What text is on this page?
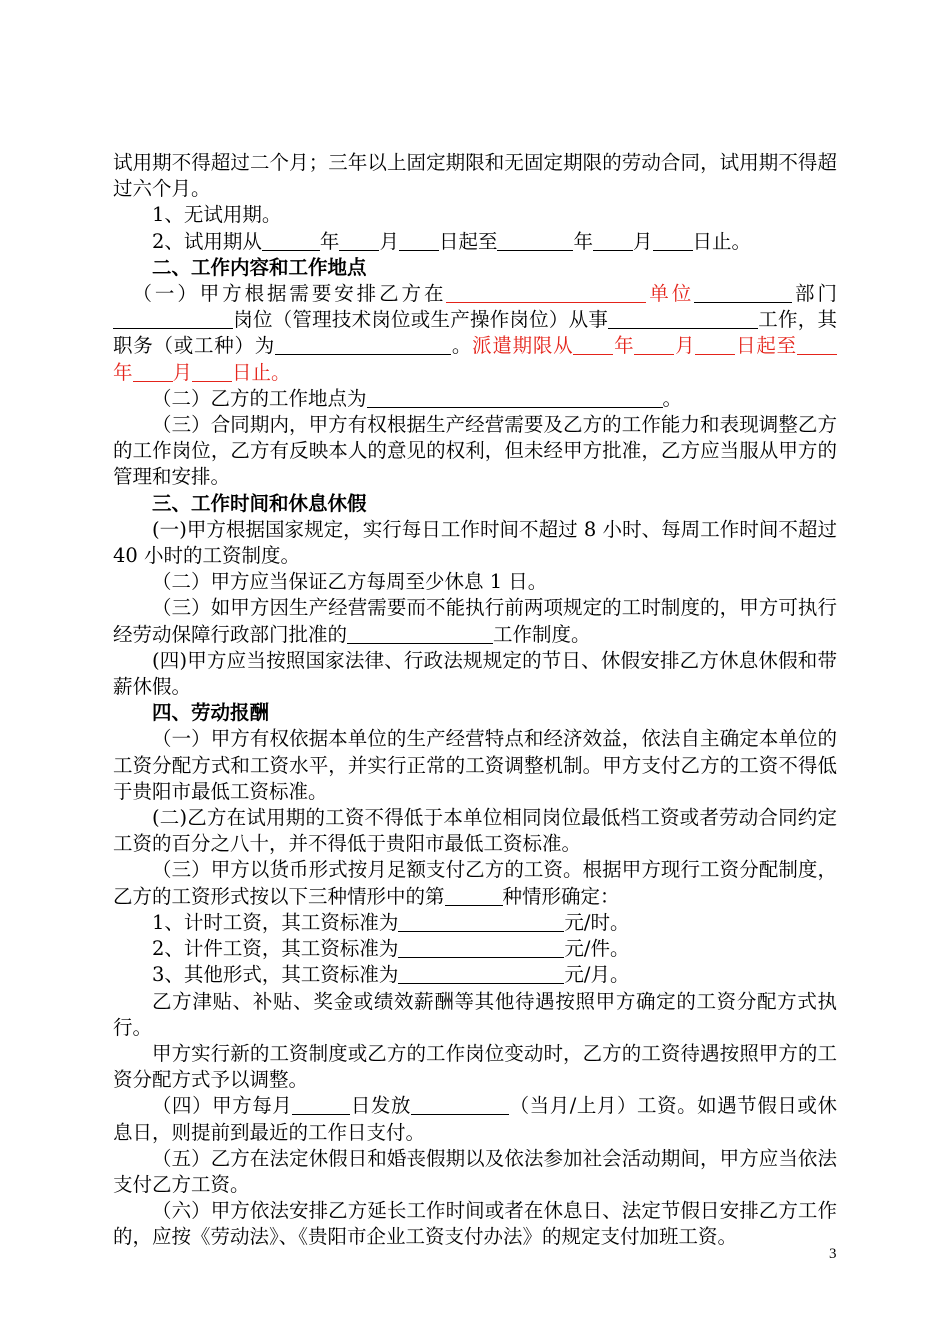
试用期不得超过二个月；三年以上固定期限和无固定期限的劳动合同，试用期不得超过六个月。

1、无试用期。

2、试用期从	年 月 日起至	年 月 日止。

二、工作内容和工作地点

（一）甲方根据需要安排乙方在	单位	部门岗位（管理技术岗位或生产操作岗位）从事	工作，其职务（或工种）为	。派遣期限从 年 月 日起至年 月 日止。

（二）乙方的工作地点为	。

（三）合同期内，甲方有权根据生产经营需要及乙方的工作能力和表现调整乙方的工作岗位，乙方有反映本人的意见的权利，但未经甲方批准，乙方应当服从甲方的管理和安排。

三、工作时间和休息休假

(一)甲方根据国家规定，实行每日工作时间不超过 8 小时、每周工作时间不超过 40 小时的工资制度。

（二）甲方应当保证乙方每周至少休息 1 日。

（三）如甲方因生产经营需要而不能执行前两项规定的工时制度的，甲方可执行经劳动保障行政部门批准的	工作制度。

(四)甲方应当按照国家法律、行政法规规定的节日、休假安排乙方休息休假和带薪休假。

四、劳动报酬

（一）甲方有权依据本单位的生产经营特点和经济效益，依法自主确定本单位的工资分配方式和工资水平，并实行正常的工资调整机制。甲方支付乙方的工资不得低于贵阳市最低工资标准。

(二)乙方在试用期的工资不得低于本单位相同岗位最低档工资或者劳动合同约定工资的百分之八十，并不得低于贵阳市最低工资标准。

（三）甲方以货币形式按月足额支付乙方的工资。根据甲方现行工资分配制度，乙方的工资形式按以下三种情形中的第	种情形确定：

1、计时工资，其工资标准为	元/时。

2、计件工资，其工资标准为	元/件。

3、其他形式，其工资标准为	元/月。

乙方津贴、补贴、奖金或绩效薪酬等其他待遇按照甲方确定的工资分配方式执行。

甲方实行新的工资制度或乙方的工作岗位变动时，乙方的工资待遇按照甲方的工资分配方式予以调整。

（四）甲方每月	日发放	（当月/上月）工资。如遇节假日或休息日，则提前到最近的工作日支付。

（五）乙方在法定休假日和婚丧假期以及依法参加社会活动期间，甲方应当依法支付乙方工资。

（六）甲方依法安排乙方延长工作时间或者在休息日、法定节假日安排乙方工作的，应按《劳动法》、《贵阳市企业工资支付办法》的规定支付加班工资。

3
